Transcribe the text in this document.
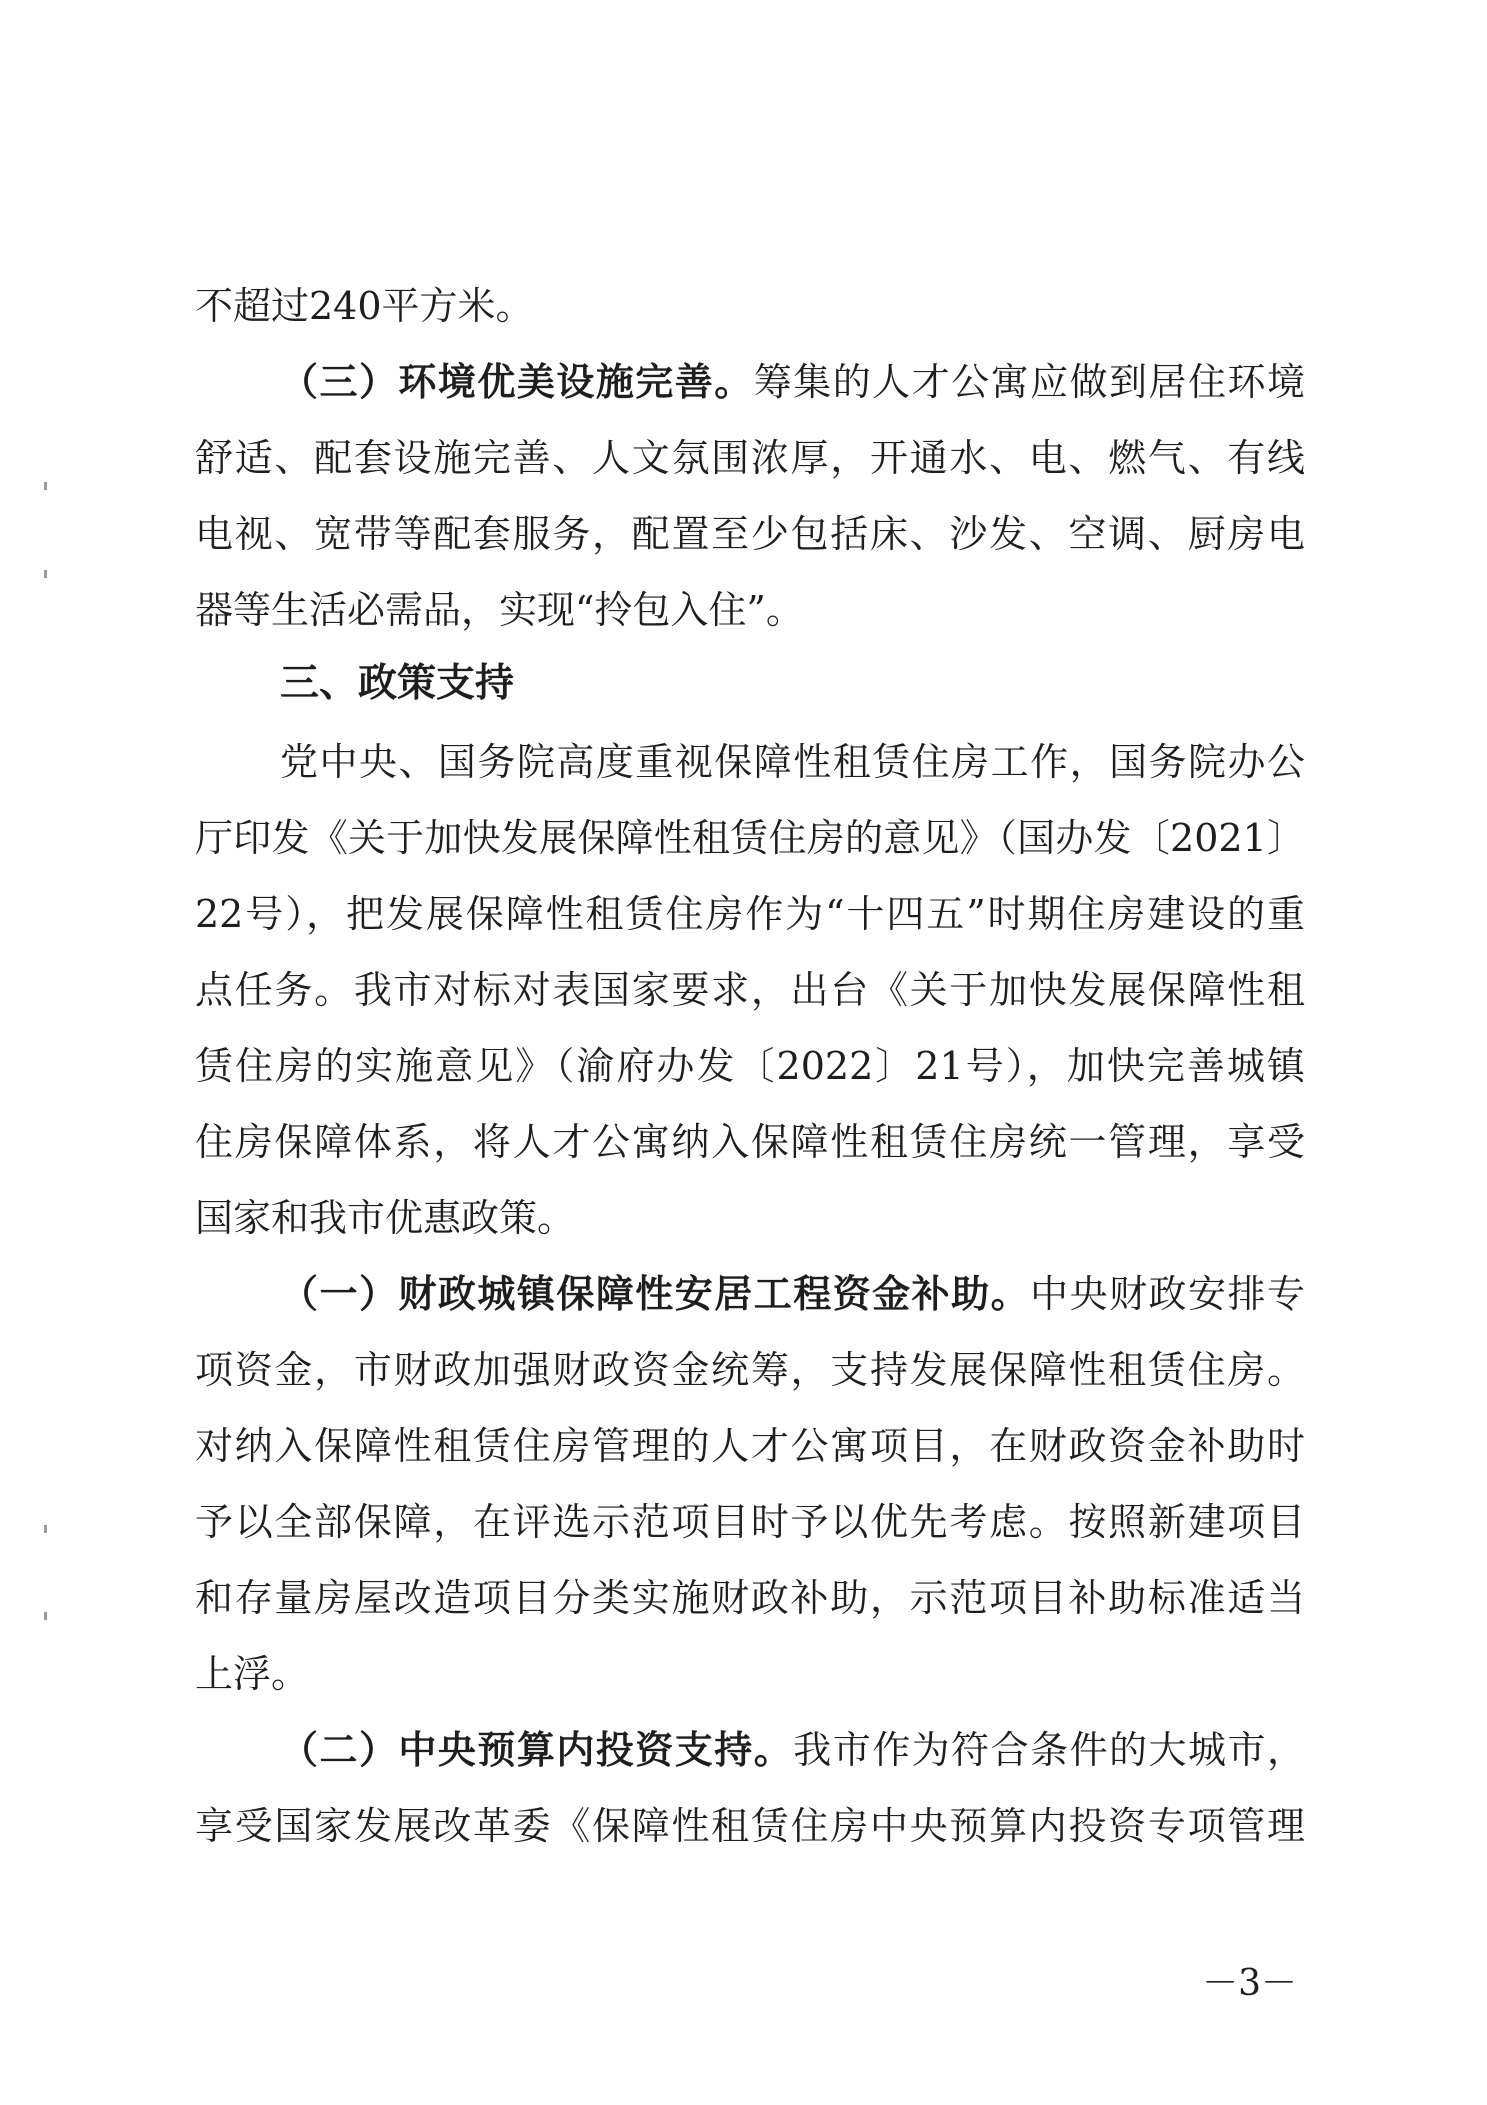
不超过240平方米。
（三）环境优美设施完善。筹集的人才公寓应做到居住环境
舒适、配套设施完善、人文氛围浓厚，开通水、电、燃气、有线
电视、宽带等配套服务，配置至少包括床、沙发、空调、厨房电
器等生活必需品，实现“拎包入住”。
三、政策支持
党中央、国务院高度重视保障性租赁住房工作，国务院办公
厅印发《关于加快发展保障性租赁住房的意见》（国办发〔2021〕
22号），把发展保障性租赁住房作为“十四五”时期住房建设的重
点任务。我市对标对表国家要求，出台《关于加快发展保障性租
赁住房的实施意见》（渝府办发〔2022〕21号），加快完善城镇
住房保障体系，将人才公寓纳入保障性租赁住房统一管理，享受
国家和我市优惠政策。
（一）财政城镇保障性安居工程资金补助。中央财政安排专
项资金，市财政加强财政资金统筹，支持发展保障性租赁住房。
对纳入保障性租赁住房管理的人才公寓项目，在财政资金补助时
予以全部保障，在评选示范项目时予以优先考虑。按照新建项目
和存量房屋改造项目分类实施财政补助，示范项目补助标准适当
上浮。
（二）中央预算内投资支持。我市作为符合条件的大城市，
享受国家发展改革委《保障性租赁住房中央预算内投资专项管理
－3－
